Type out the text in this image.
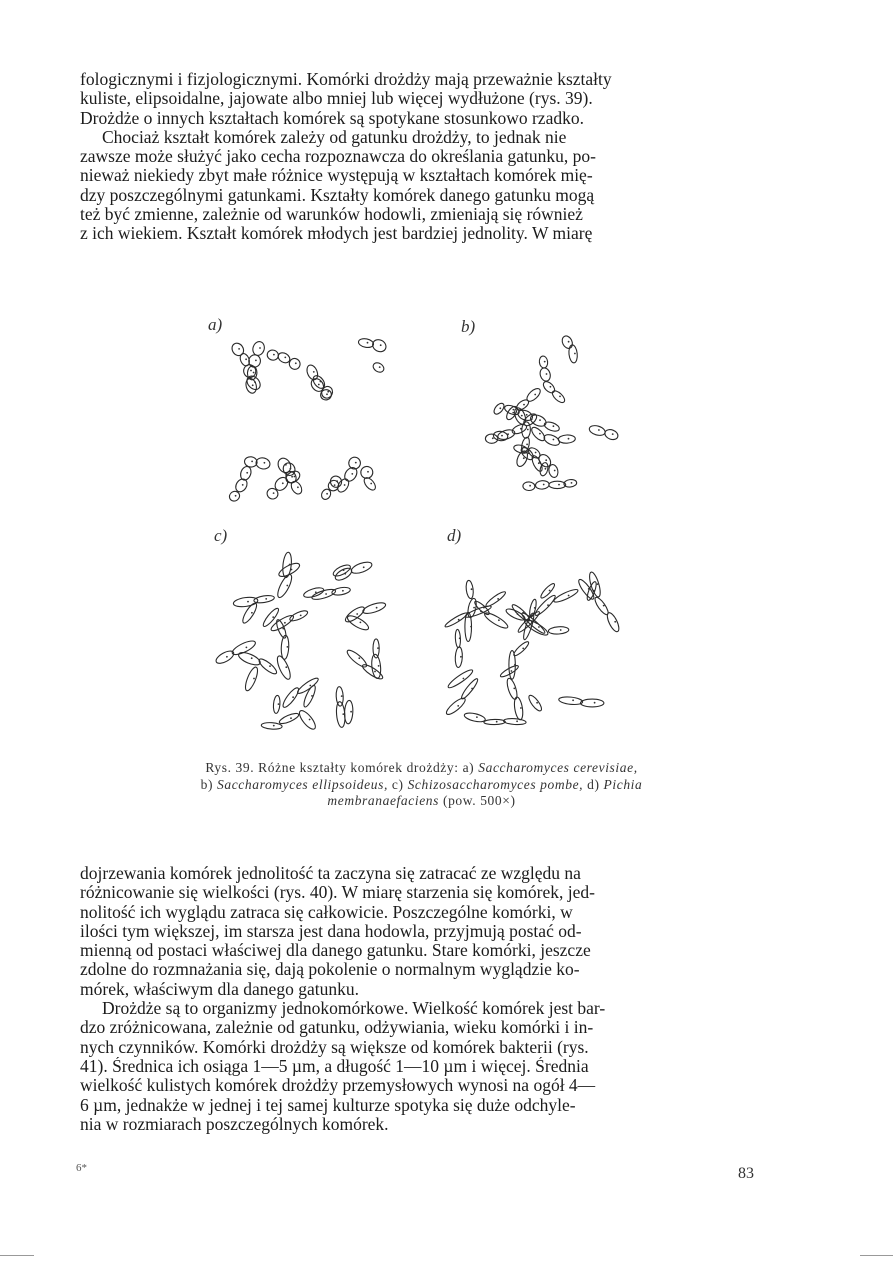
fologicznymi i fizjologicznymi. Komórki drożdży mają przeważnie kształty
kuliste, elipsoidalne, jajowate albo mniej lub więcej wydłużone (rys. 39).
Drożdże o innych kształtach komórek są spotykane stosunkowo rzadko.
Chociaż kształt komórek zależy od gatunku drożdży, to jednak nie
zawsze może służyć jako cecha rozpoznawcza do określania gatunku, po-
nieważ niekiedy zbyt małe różnice występują w kształtach komórek mię-
dzy poszczególnymi gatunkami. Kształty komórek danego gatunku mogą
też być zmienne, zależnie od warunków hodowli, zmieniają się również
z ich wiekiem. Kształt komórek młodych jest bardziej jednolity. W miarę

a)	b)
c)	d)
Rys. 39. Różne kształty komórek drożdży: a) Saccharomyces cerevisiae,
b) Saccharomyces ellipsoideus, c) Schizosaccharomyces pombe, d) Pichia
membranaefaciens (pow. 500×)

dojrzewania komórek jednolitość ta zaczyna się zatracać ze względu na
różnicowanie się wielkości (rys. 40). W miarę starzenia się komórek, jed-
nolitość ich wyglądu zatraca się całkowicie. Poszczególne komórki, w
ilości tym większej, im starsza jest dana hodowla, przyjmują postać od-
mienną od postaci właściwej dla danego gatunku. Stare komórki, jeszcze
zdolne do rozmnażania się, dają pokolenie o normalnym wyglądzie ko-
mórek, właściwym dla danego gatunku.
Drożdże są to organizmy jednokomórkowe. Wielkość komórek jest bar-
dzo zróżnicowana, zależnie od gatunku, odżywiania, wieku komórki i in-
nych czynników. Komórki drożdży są większe od komórek bakterii (rys.
41). Średnica ich osiąga 1—5 µm, a długość 1—10 µm i więcej. Średnia
wielkość kulistych komórek drożdży przemysłowych wynosi na ogół 4—
6 µm, jednakże w jednej i tej samej kulturze spotyka się duże odchyle-
nia w rozmiarach poszczególnych komórek.

6*	83
